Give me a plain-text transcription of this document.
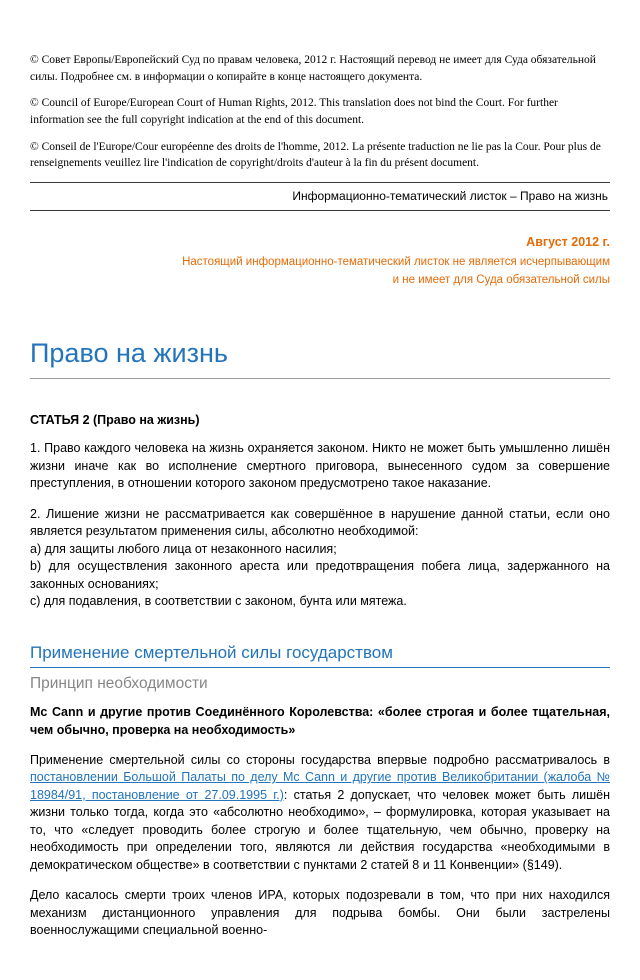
© Совет Европы/Европейский Суд по правам человека, 2012 г. Настоящий перевод не имеет для Суда обязательной силы. Подробнее см. в информации о копирайте в конце настоящего документа.

© Council of Europe/European Court of Human Rights, 2012. This translation does not bind the Court. For further information see the full copyright indication at the end of this document.

© Conseil de l'Europe/Cour européenne des droits de l'homme, 2012. La présente traduction ne lie pas la Cour. Pour plus de renseignements veuillez lire l'indication de copyright/droits d'auteur à la fin du présent document.

Информационно-тематический листок – Право на жизнь
Август 2012 г.
Настоящий информационно-тематический листок не является исчерпывающим
и не имеет для Суда обязательной силы
Право на жизнь
СТАТЬЯ 2 (Право на жизнь)

1. Право каждого человека на жизнь охраняется законом. Никто не может быть умышленно лишён жизни иначе как во исполнение смертного приговора, вынесенного судом за совершение преступления, в отношении которого законом предусмотрено такое наказание.

2. Лишение жизни не рассматривается как совершённое в нарушение данной статьи, если оно является результатом применения силы, абсолютно необходимой:

a) для защиты любого лица от незаконного насилия;

b) для осуществления законного ареста или предотвращения побега лица, задержанного на законных основаниях;

c) для подавления, в соответствии с законом, бунта или мятежа.

Применение смертельной силы государством
Принцип необходимости

Mc Cann и другие против Соединённого Королевства: «более строгая и более тщательная, чем обычно, проверка на необходимость»

Применение смертельной силы со стороны государства впервые подробно рассматривалось в постановлении Большой Палаты по делу Mc Cann и другие против Великобритании (жалоба № 18984/91, постановление от 27.09.1995 г.): статья 2 допускает, что человек может быть лишён жизни только тогда, когда это «абсолютно необходимо», – формулировка, которая указывает на то, что «следует проводить более строгую и более тщательную, чем обычно, проверку на необходимость при определении того, являются ли действия государства «необходимыми в демократическом обществе» в соответствии с пунктами 2 статей 8 и 11 Конвенции» (§149).

Дело касалось смерти троих членов ИРА, которых подозревали в том, что при них находился механизм дистанционного управления для подрыва бомбы. Они были застрелены военнослужащими специальной военно-
